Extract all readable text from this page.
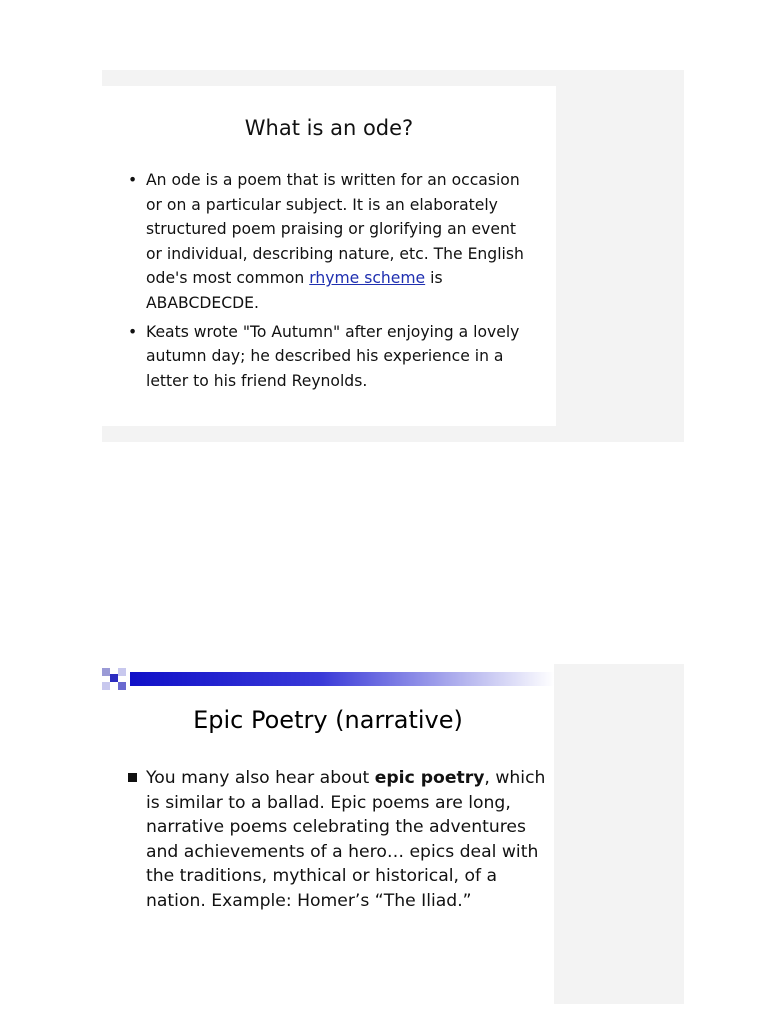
What is an ode?
• An ode is a poem that is written for an occasion or on a particular subject. It is an elaborately structured poem praising or glorifying an event or individual, describing nature, etc. The English ode's most common rhyme scheme is ABABCDECDE.
• Keats wrote "To Autumn" after enjoying a lovely autumn day; he described his experience in a letter to his friend Reynolds.
Epic Poetry (narrative)
You many also hear about epic poetry, which is similar to a ballad. Epic poems are long, narrative poems celebrating the adventures and achievements of a hero… epics deal with the traditions, mythical or historical, of a nation. Example: Homer’s “The Iliad.”
